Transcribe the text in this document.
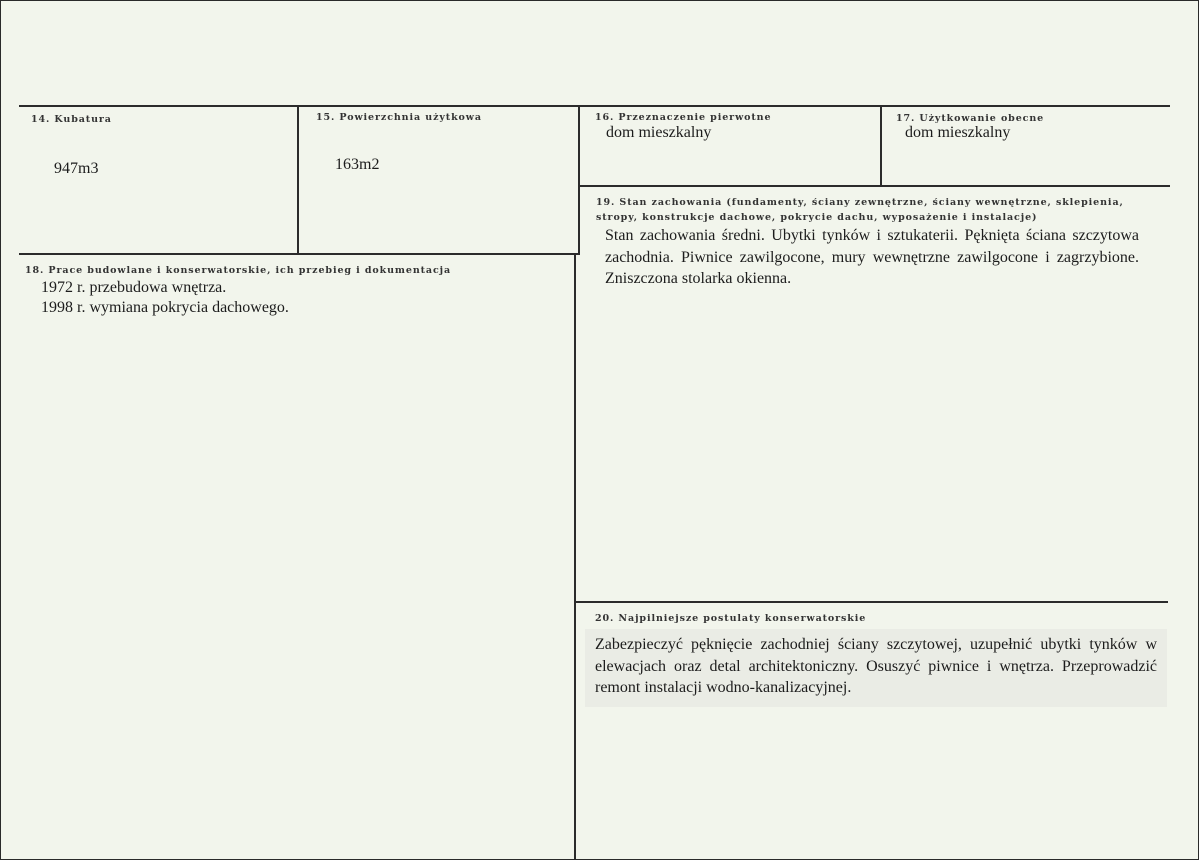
14. Kubatura
947m3
15. Powierzchnia użytkowa
163m2
16. Przeznaczenie pierwotne
dom mieszkalny
17. Użytkowanie obecne
dom mieszkalny
19. Stan zachowania (fundamenty, ściany zewnętrzne, ściany wewnętrzne, sklepienia, stropy, konstrukcje dachowe, pokrycie dachu, wyposażenie i instalacje)
Stan zachowania średni. Ubytki tynków i sztukaterii. Pęknięta ściana szczytowa zachodnia. Piwnice zawilgocone, mury wewnętrzne zawilgocone i zagrzybione. Zniszczona stolarka okienna.
18. Prace budowlane i konserwatorskie, ich przebieg i dokumentacja
1972 r. przebudowa wnętrza.
1998 r. wymiana pokrycia dachowego.
20. Najpilniejsze postulaty konserwatorskie
Zabezpieczyć pęknięcie zachodniej ściany szczytowej, uzupełnić ubytki tynków w elewacjach oraz detal architektoniczny. Osuszyć piwnice i wnętrza. Przeprowadzić remont instalacji wodno-kanalizacyjnej.
